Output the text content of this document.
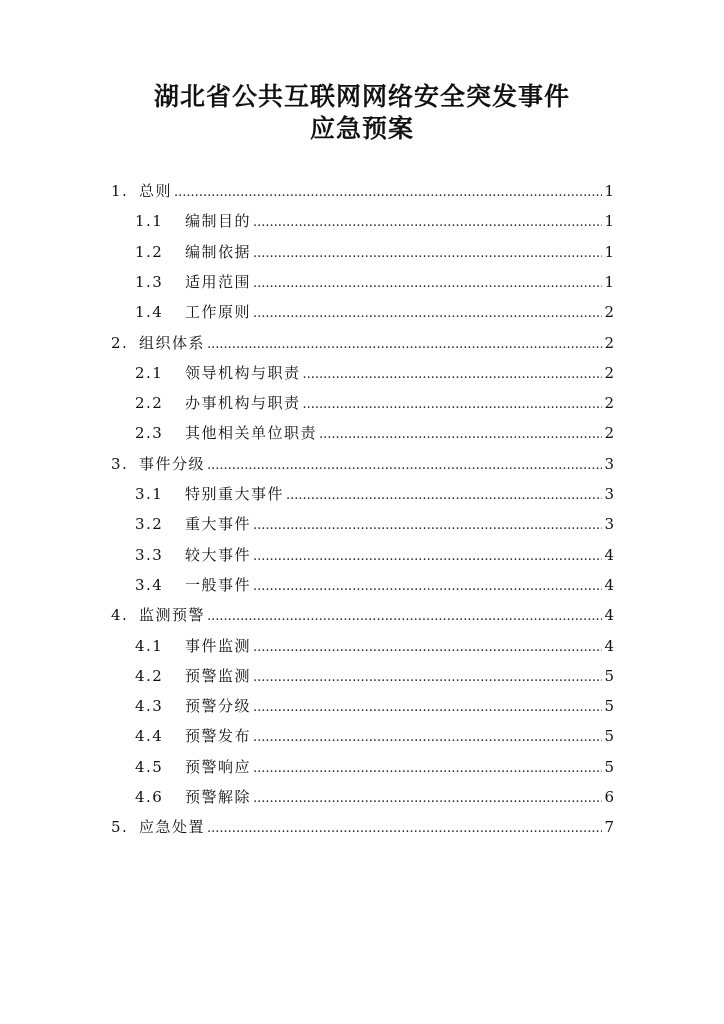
湖北省公共互联网网络安全突发事件
应急预案
1. 总则 .....	1
1.1	编制目的 .....	1
1.2	编制依据 .....	1
1.3	适用范围 .....	1
1.4	工作原则 .....	2
2. 组织体系 .....	2
2.1	领导机构与职责 .....	2
2.2	办事机构与职责 .....	2
2.3	其他相关单位职责 .....	2
3. 事件分级 .....	3
3.1	特别重大事件 .....	3
3.2	重大事件 .....	3
3.3	较大事件 .....	4
3.4	一般事件 .....	4
4. 监测预警 .....	4
4.1	事件监测 .....	4
4.2	预警监测 .....	5
4.3	预警分级 .....	5
4.4	预警发布 .....	5
4.5	预警响应 .....	5
4.6	预警解除 .....	6
5. 应急处置 .....	7
